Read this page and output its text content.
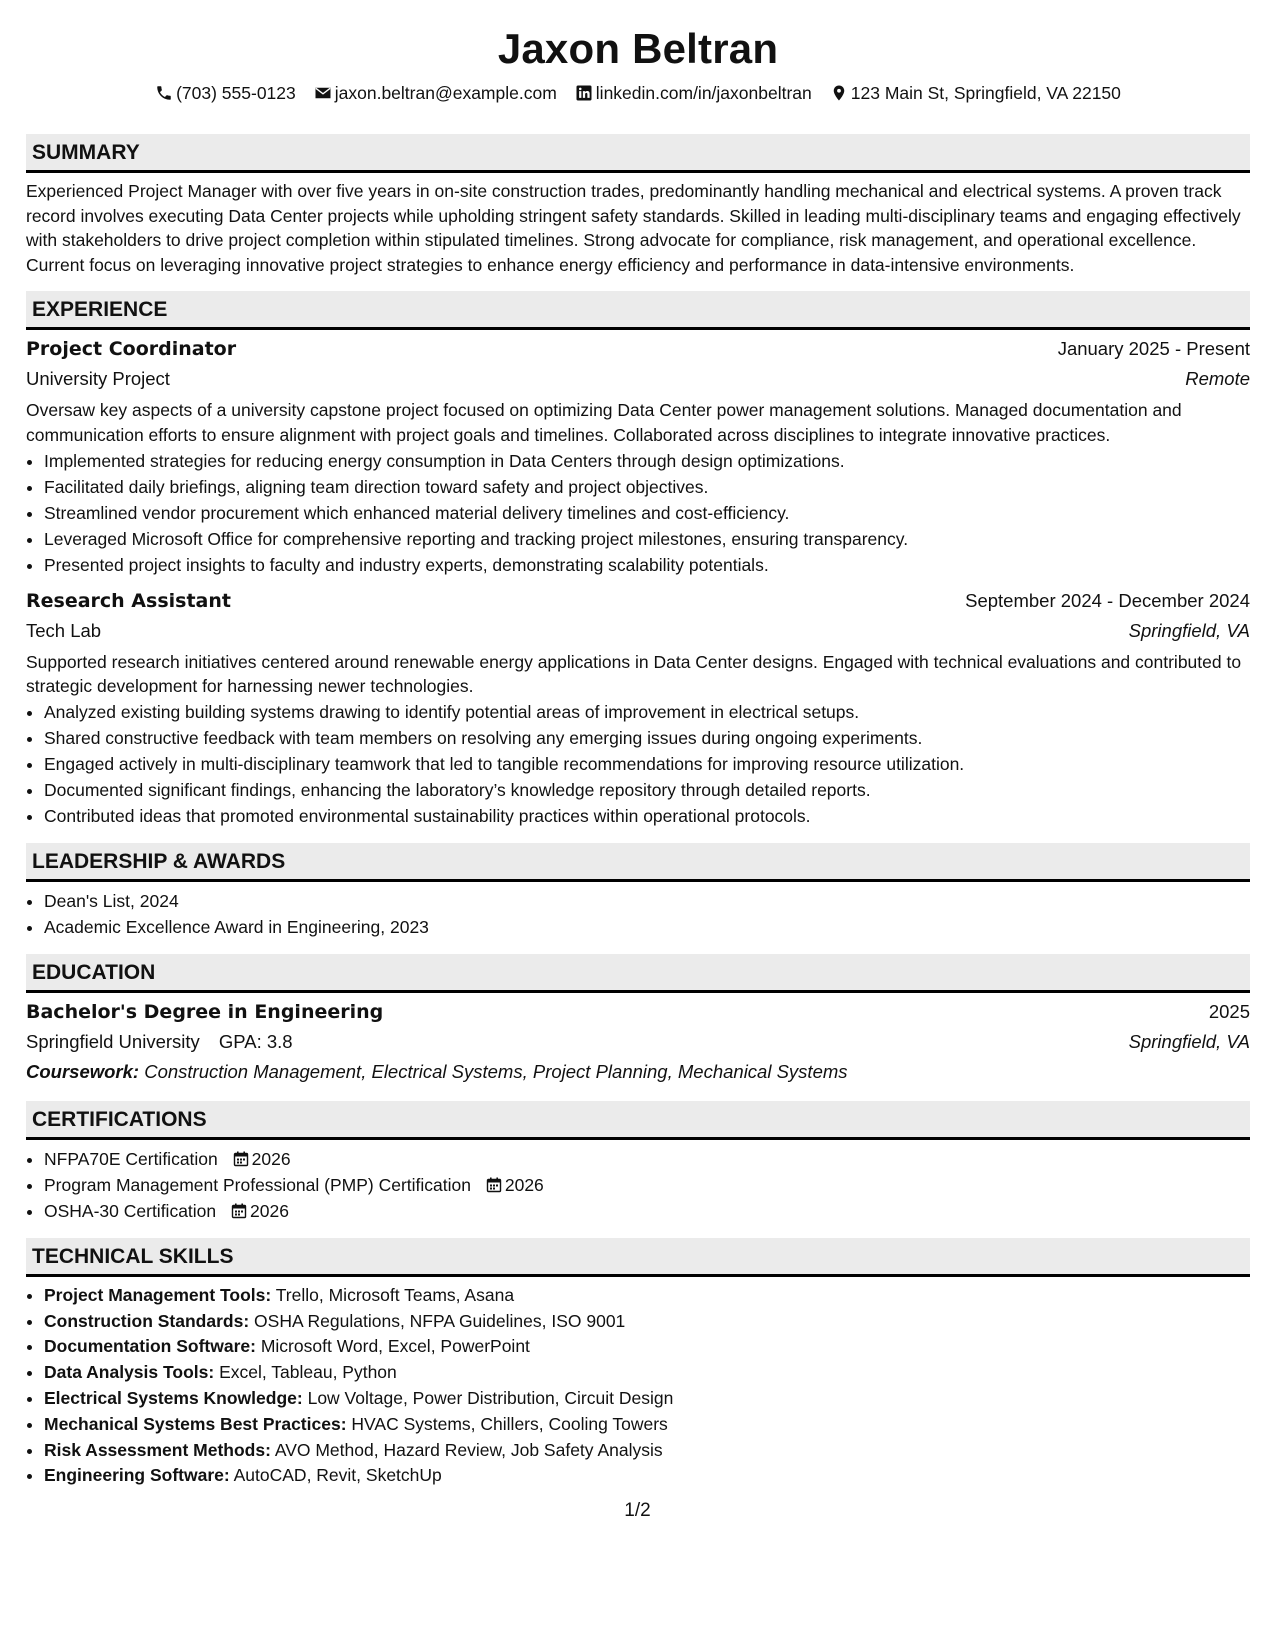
Jaxon Beltran
(703) 555-0123 jaxon.beltran@example.com linkedin.com/in/jaxonbeltran 123 Main St, Springfield, VA 22150
SUMMARY

Experienced Project Manager with over five years in on-site construction trades, predominantly handling mechanical and electrical systems. A proven track record involves executing Data Center projects while upholding stringent safety standards. Skilled in leading multi-disciplinary teams and engaging effectively with stakeholders to drive project completion within stipulated timelines. Strong advocate for compliance, risk management, and operational excellence. Current focus on leveraging innovative project strategies to enhance energy efficiency and performance in data-intensive environments.

EXPERIENCE
Project Coordinator	January 2025 - Present
University Project	Remote

Oversaw key aspects of a university capstone project focused on optimizing Data Center power management solutions. Managed documentation and communication efforts to ensure alignment with project goals and timelines. Collaborated across disciplines to integrate innovative practices.

• Implemented strategies for reducing energy consumption in Data Centers through design optimizations.
• Facilitated daily briefings, aligning team direction toward safety and project objectives.
• Streamlined vendor procurement which enhanced material delivery timelines and cost-efficiency.
• Leveraged Microsoft Office for comprehensive reporting and tracking project milestones, ensuring transparency.
• Presented project insights to faculty and industry experts, demonstrating scalability potentials.
Research Assistant	September 2024 - December 2024
Tech Lab	Springfield, VA

Supported research initiatives centered around renewable energy applications in Data Center designs. Engaged with technical evaluations and contributed to strategic development for harnessing newer technologies.

• Analyzed existing building systems drawing to identify potential areas of improvement in electrical setups.
• Shared constructive feedback with team members on resolving any emerging issues during ongoing experiments.
• Engaged actively in multi-disciplinary teamwork that led to tangible recommendations for improving resource utilization.
• Documented significant findings, enhancing the laboratory’s knowledge repository through detailed reports.
• Contributed ideas that promoted environmental sustainability practices within operational protocols.
LEADERSHIP & AWARDS
• Dean's List, 2024
• Academic Excellence Award in Engineering, 2023
EDUCATION
Bachelor's Degree in Engineering	2025
Springfield University GPA: 3.8	Springfield, VA
Coursework: Construction Management, Electrical Systems, Project Planning, Mechanical Systems
CERTIFICATIONS
• NFPA70E Certification 2026
• Program Management Professional (PMP) Certification 2026
• OSHA-30 Certification 2026
TECHNICAL SKILLS
• Project Management Tools: Trello, Microsoft Teams, Asana
• Construction Standards: OSHA Regulations, NFPA Guidelines, ISO 9001
• Documentation Software: Microsoft Word, Excel, PowerPoint
• Data Analysis Tools: Excel, Tableau, Python
• Electrical Systems Knowledge: Low Voltage, Power Distribution, Circuit Design
• Mechanical Systems Best Practices: HVAC Systems, Chillers, Cooling Towers
• Risk Assessment Methods: AVO Method, Hazard Review, Job Safety Analysis
• Engineering Software: AutoCAD, Revit, SketchUp
1/2
